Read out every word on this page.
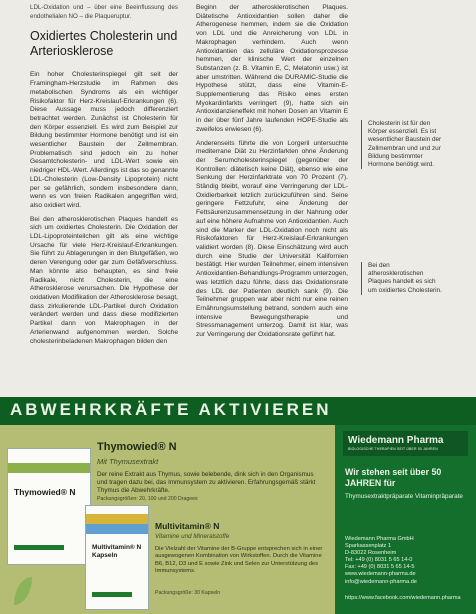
LDL-Oxidation und – über eine Beeinflussung des endothelialen NO – die Plaqueruptur.

Oxidiertes Cholesterin und Arteriosklerose

Ein hoher Cholesterinspiegel gilt seit der Framingham-Herzstudie im Rahmen des metabolischen Syndroms als ein wichtiger Risikofaktor für Herz-Kreislauf-Erkrankungen (6). Diese Aussage muss jedoch differenziert betrachtet werden. Zunächst ist Cholesterin für den Körper essenziell. Es wird zum Beispiel zur Bildung bestimmter Hormone benötigt und ist ein wesentlicher Baustein der Zellmembran. Problematisch sind jedoch ein zu hoher Gesamtcholesterin- und LDL-Wert sowie ein niedriger HDL-Wert. Allerdings ist das so genannte LDL-Cholesterin (Low-Density Lipoprotein) nicht per se gefährlich, sondern insbesondere dann, wenn es von freien Radikalen angegriffen wird, also oxidiert wird.

Bei den atherosklerotischen Plaques handelt es sich um oxidiertes Cholesterin. Die Oxidation der LDL-Lipoproteinteilchen gilt als eine wichtige Ursache für viele Herz-Kreislauf-Erkrankungen. Sie führt zu Ablagerungen in den Blutgefäßen, wo deren Verengung oder gar zum Gefäßverschluss. Man könnte also behaupten, es sind freie Radikale, nicht Cholesterin, die eine Atherosklerose verursachen. Die Hypothese der oxidativen Modifikation der Atherosklerose besagt, dass zirkulierende LDL-Partikel durch Oxidation verändert werden und dass diese modifizierten Partikel dann von Makrophagen in der Arterienwand aufgenommen werden. Solche cholesterinbeladenen Makrophagen bilden den

Beginn der atherosklerotischen Plaques. Diätetische Antioxidantien sollen daher die Atherogenese hemmen, indem sie die Oxidation von LDL und die Anreicherung von LDL in Makrophagen verhindern. Auch wenn Antioxidantien das zelluläre Oxidationsprozesse hemmen, der klinische Wert der einzelnen Substanzen (z. B. Vitamin E, C, Melatonin usw.) ist aber umstritten. Während die DURAMIC-Studie die Hypothese stützt, dass eine Vitamin-E-Supplementierung das Risiko eines ersten Myokardinfarkts verringert (9), hatte sich ein Antioxidanzieneffekt mit hohen Dosen an Vitamin E in der über fünf Jahre laufenden HOPE-Studie als zweifelos erwiesen (6).

Anderenseits führte die von Lorgeril untersuchte mediterrane Diät zu Herzinfarkten ohne Änderung der Serumcholesterinspiegel (gegenüber der Kontrollen: diätetisch keine Diät), ebenso wie eine Senkung der Herzinfarktrate von 70 Prozent (7). Ständig bleibt, worauf eine Verringerung der LDL-Oxidierbarkeit letzlich zurückzuführen sind. Seine geringere Fettzufuhr, eine Änderung der Fettsäurenzusammensetzung in der Nahrung oder auf eine höhere Aufnahme von Antioxidantien. Auch sind die Marker der LDL-Oxidation noch nicht als Risikofaktoren für Herz-Kreislauf-Erkrankungen validiert worden (8). Diese Einschätzung wird auch durch eine Studie der Universität Kalifornien bestätigt. Hier wurden Teilnehmer, einem intensiven Antioxidantien-Behandlungs-Programm unterzogen, was letztlich dazu führte, dass das Oxidationsrate des LDL der Patienten deutlich sank (9). Die Teilnehmer gruppen war aber nicht nur eine reinen Ernährungsumstellung betrand, sondern auch eine intensive Bewegungstherapie und Stressmanagement unterzog. Damit ist klar, was zur Verringerung der Oxidationsrate geführt hat.

Cholesterin ist für den Körper essenziell. Es ist wesentlicher Baustein der Zellmembran und und zur Bildung bestimmter Hormone benötigt wird.
Bei den atherosklerotischen Plaques handelt es sich um oxidiertes Cholesterin.
ABWEHRKRÄFTE AKTIVIEREN
Thymowied® N
Thymowied® N
Mit Thymusextrakt
Der reine Extrakt aus Thymus, sowie belebende, dink sich in den Organismus und tragen dazu bei, das Immunsystem zu aktivieren. Erfahrungsgemäß stärkt Thymus die Abwehrkräfte.
Packungsgrößen: 20, 100 und 200 Dragees
Multivitamin® N Kapseln
Multivitamin® N
Vitamine und Mineralstoffe
Die Vielzahl der Vitamine der B-Gruppe entsprechen sich in einer ausgewogenen Kombination von Wirkstoffen. Durch die Vitamine B6, B12, D3 und E sowie Zink und Selen zur Unterstützung des Immunsystems.
Packungsgröße: 30 Kapseln
Wiedemann Pharma
BIOLOGISCHE THERAPIEN SEIT ÜBER 50 JAHREN
Wir stehen seit über 50 JAHREN für
Thymusextraktpräparate Vitaminpräparate
Wiedemann Pharma GmbH
Sparkassenplatz 1
D-83022 Rosenheim
Tel: +49 (0) 8031 5 65 14-0
Fax: +49 (0) 8031 5 65 14-5
www.wiedemann-pharma.de
info@wiedemann-pharma.de
https://www.facebook.com/wiedemann.pharma
